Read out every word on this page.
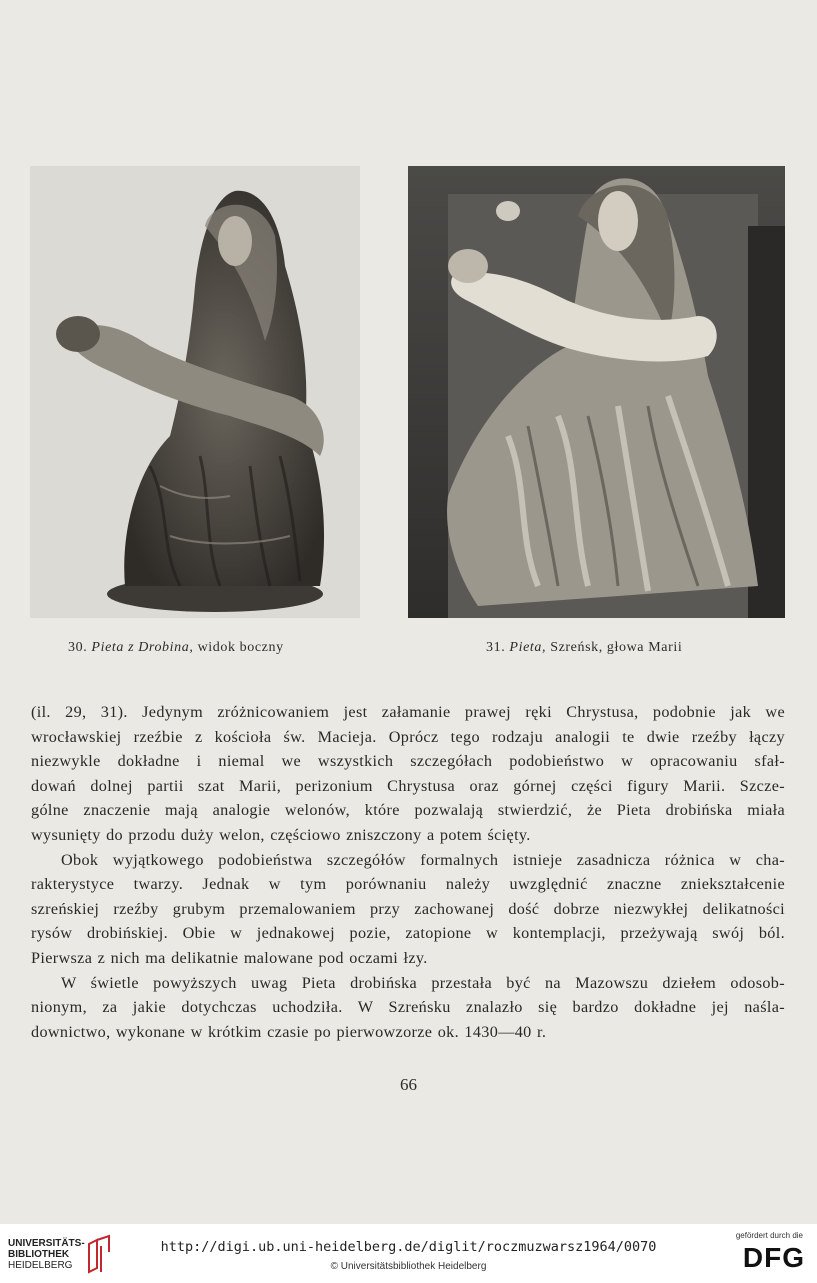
30. Pieta z Drobina, widok boczny	31. Pieta, Szreńsk, głowa Marii
(il. 29, 31). Jedynym zróżnicowaniem jest załamanie prawej ręki Chrystusa, podobnie jak we
wrocławskiej rzeźbie z kościoła św. Macieja. Oprócz tego rodzaju analogii te dwie rzeźby łączy
niezwykle dokładne i niemal we wszystkich szczegółach podobieństwo w opracowaniu sfał-
dowań dolnej partii szat Marii, perizonium Chrystusa oraz górnej części figury Marii. Szcze-
gólne znaczenie mają analogie welonów, które pozwalają stwierdzić, że Pieta drobińska miała
wysunięty do przodu duży welon, częściowo zniszczony a potem ścięty.
Obok wyjątkowego podobieństwa szczegółów formalnych istnieje zasadnicza różnica w cha-
rakterystyce twarzy. Jednak w tym porównaniu należy uwzględnić znaczne zniekształcenie
szreńskiej rzeźby grubym przemalowaniem przy zachowanej dość dobrze niezwykłej delikatności
rysów drobińskiej. Obie w jednakowej pozie, zatopione w kontemplacji, przeżywają swój ból.
Pierwsza z nich ma delikatnie malowane pod oczami łzy.
W świetle powyższych uwag Pieta drobińska przestała być na Mazowszu dziełem odosob-
nionym, za jakie dotychczas uchodziła. W Szreńsku znalazło się bardzo dokładne jej naśla-
downictwo, wykonane w krótkim czasie po pierwowzorze ok. 1430—40 r.
66
UNIVERSITÄTS-
BIBLIOTHEK
HEIDELBERG
http://digi.ub.uni-heidelberg.de/diglit/roczmuzwarsz1964/0070
© Universitätsbibliothek Heidelberg
gefördert durch die
DFG
